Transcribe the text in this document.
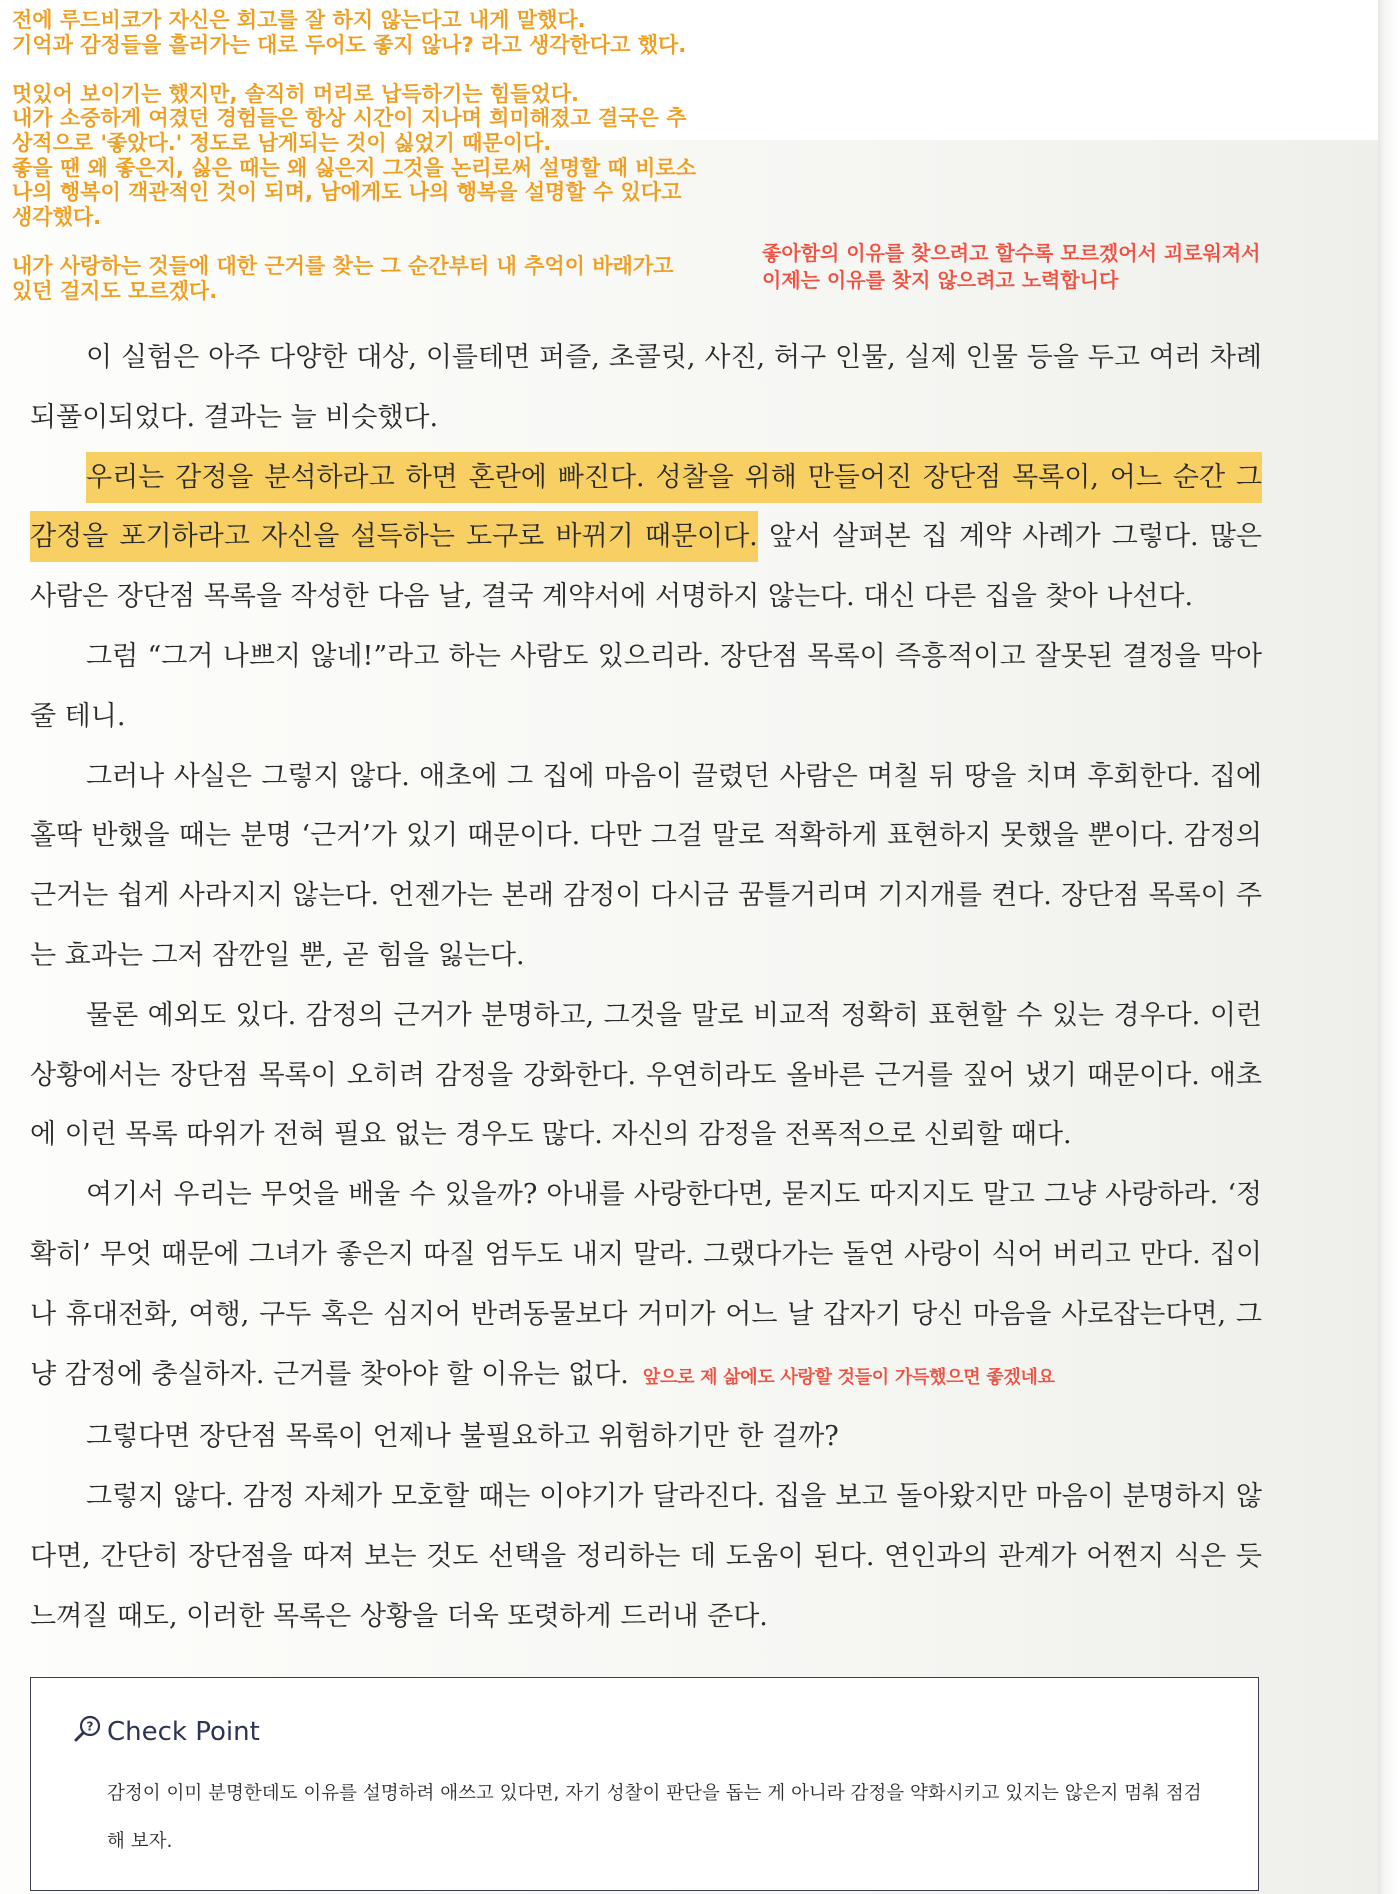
전에 루드비코가 자신은 회고를 잘 하지 않는다고 내게 말했다.
기억과 감정들을 흘러가는 대로 두어도 좋지 않나? 라고 생각한다고 했다.
멋있어 보이기는 했지만, 솔직히 머리로 납득하기는 힘들었다.
내가 소중하게 여겼던 경험들은 항상 시간이 지나며 희미해졌고 결국은 추
상적으로 '좋았다.' 정도로 남게되는 것이 싫었기 때문이다.
좋을 땐 왜 좋은지, 싫은 때는 왜 싫은지 그것을 논리로써 설명할 때 비로소
나의 행복이 객관적인 것이 되며, 남에게도 나의 행복을 설명할 수 있다고
생각했다.
내가 사랑하는 것들에 대한 근거를 찾는 그 순간부터 내 추억이 바래가고
있던 걸지도 모르겠다.
좋아함의 이유를 찾으려고 할수록 모르겠어서 괴로워져서
이제는 이유를 찾지 않으려고 노력합니다

이 실험은 아주 다양한 대상, 이를테면 퍼즐, 초콜릿, 사진, 허구 인물, 실제 인물 등을 두고 여러 차례 되풀이되었다. 결과는 늘 비슷했다.

우리는 감정을 분석하라고 하면 혼란에 빠진다. 성찰을 위해 만들어진 장단점 목록이, 어느 순간 그 감정을 포기하라고 자신을 설득하는 도구로 바뀌기 때문이다. 앞서 살펴본 집 계약 사례가 그렇다. 많은 사람은 장단점 목록을 작성한 다음 날, 결국 계약서에 서명하지 않는다. 대신 다른 집을 찾아 나선다.

그럼 “그거 나쁘지 않네!”라고 하는 사람도 있으리라. 장단점 목록이 즉흥적이고 잘못된 결정을 막아 줄 테니.

그러나 사실은 그렇지 않다. 애초에 그 집에 마음이 끌렸던 사람은 며칠 뒤 땅을 치며 후회한다. 집에 홀딱 반했을 때는 분명 ‘근거’가 있기 때문이다. 다만 그걸 말로 적확하게 표현하지 못했을 뿐이다. 감정의 근거는 쉽게 사라지지 않는다. 언젠가는 본래 감정이 다시금 꿈틀거리며 기지개를 켠다. 장단점 목록이 주는 효과는 그저 잠깐일 뿐, 곧 힘을 잃는다.

물론 예외도 있다. 감정의 근거가 분명하고, 그것을 말로 비교적 정확히 표현할 수 있는 경우다. 이런 상황에서는 장단점 목록이 오히려 감정을 강화한다. 우연히라도 올바른 근거를 짚어 냈기 때문이다. 애초에 이런 목록 따위가 전혀 필요 없는 경우도 많다. 자신의 감정을 전폭적으로 신뢰할 때다.

여기서 우리는 무엇을 배울 수 있을까? 아내를 사랑한다면, 묻지도 따지지도 말고 그냥 사랑하라. ‘정확히’ 무엇 때문에 그녀가 좋은지 따질 엄두도 내지 말라. 그랬다가는 돌연 사랑이 식어 버리고 만다. 집이나 휴대전화, 여행, 구두 혹은 심지어 반려동물보다 거미가 어느 날 갑자기 당신 마음을 사로잡는다면, 그냥 감정에 충실하자. 근거를 찾아야 할 이유는 없다. 앞으로 제 삶에도 사랑할 것들이 가득했으면 좋겠네요

그렇다면 장단점 목록이 언제나 불필요하고 위험하기만 한 걸까?

그렇지 않다. 감정 자체가 모호할 때는 이야기가 달라진다. 집을 보고 돌아왔지만 마음이 분명하지 않다면, 간단히 장단점을 따져 보는 것도 선택을 정리하는 데 도움이 된다. 연인과의 관계가 어쩐지 식은 듯 느껴질 때도, 이러한 목록은 상황을 더욱 또렷하게 드러내 준다.

? Check Point
감정이 이미 분명한데도 이유를 설명하려 애쓰고 있다면, 자기 성찰이 판단을 돕는 게 아니라 감정을 약화시키고 있지는 않은지 멈춰 점검해 보자.
